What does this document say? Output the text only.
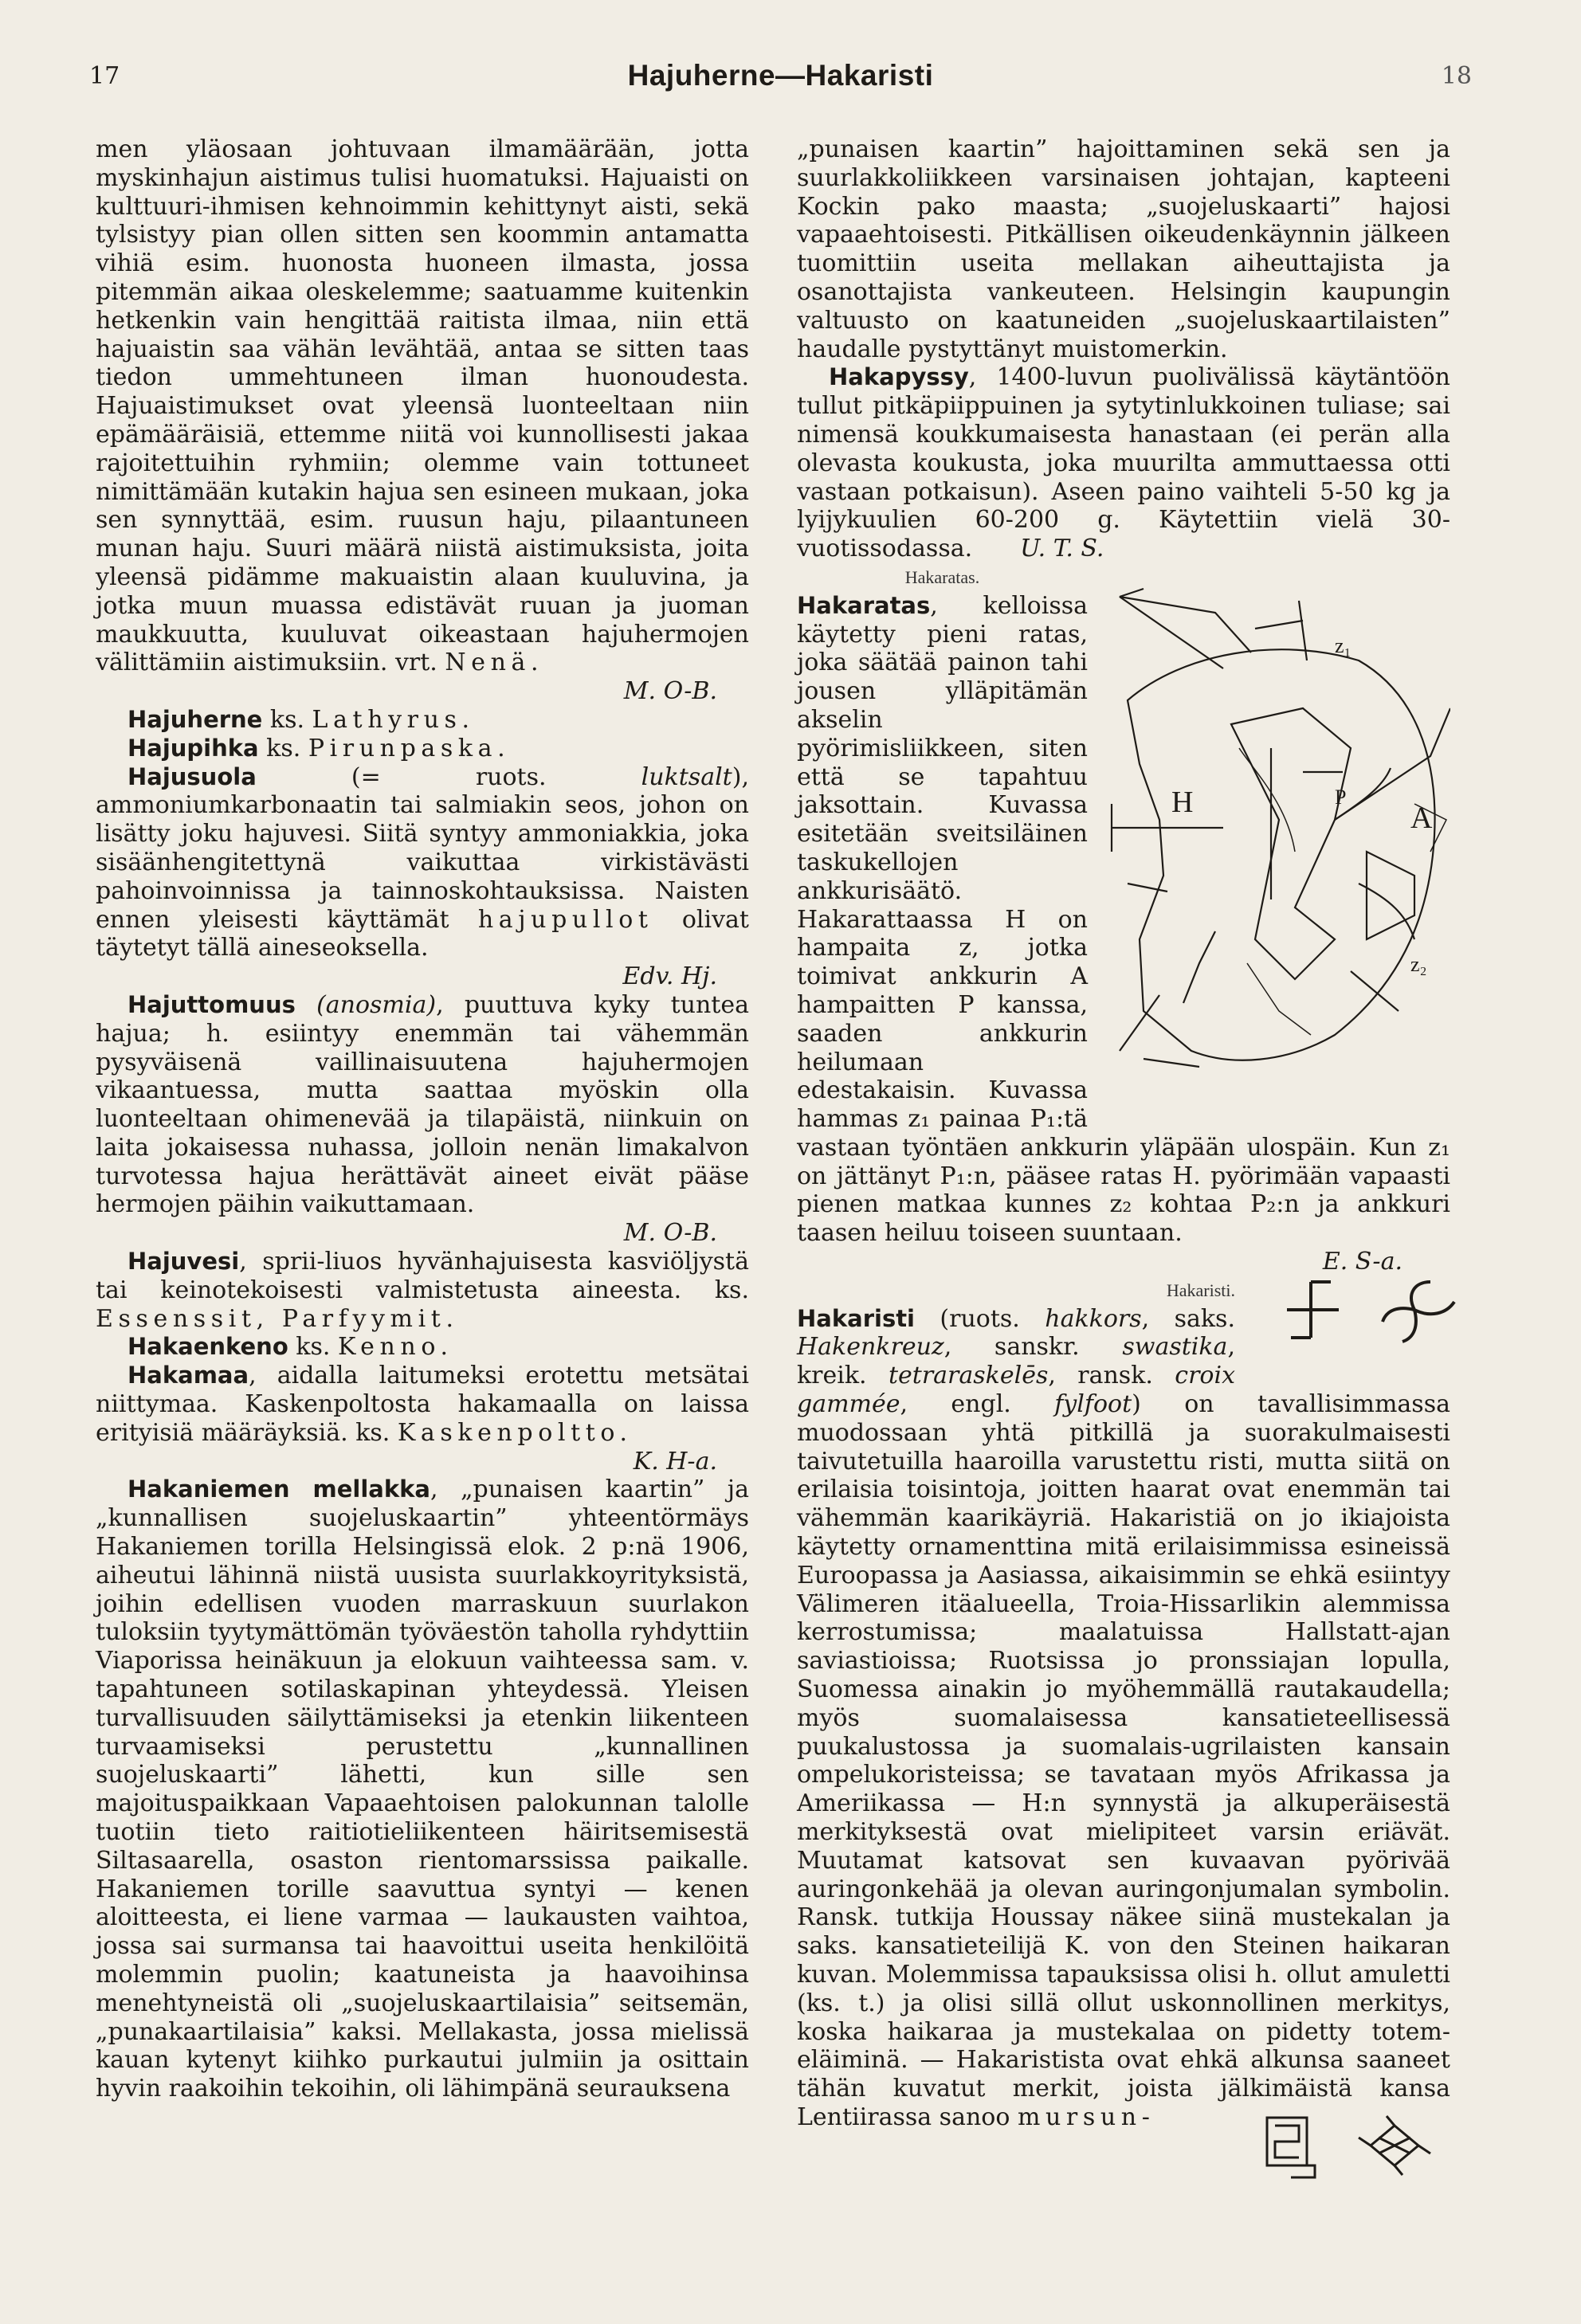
17	Hajuherne—Hakaristi	18

men yläosaan johtuvaan ilmamäärään, jotta myskinhajun aistimus tulisi huomatuksi. Hajuaisti on kulttuuri-ihmisen kehnoimmin kehittynyt aisti, sekä tylsistyy pian ollen sitten sen koommin antamatta vihiä esim. huonosta huoneen ilmasta, jossa pitemmän aikaa oleskelemme; saatuamme kuitenkin hetkenkin vain hengittää raitista ilmaa, niin että hajuaistin saa vähän levähtää, antaa se sitten taas tiedon ummehtuneen ilman huonoudesta. Hajuaistimukset ovat yleensä luonteeltaan niin epämääräisiä, ettemme niitä voi kunnollisesti jakaa rajoitettuihin ryhmiin; olemme vain tottuneet nimittämään kutakin hajua sen esineen mukaan, joka sen synnyttää, esim. ruusun haju, pilaantuneen munan haju. Suuri määrä niistä aistimuksista, joita yleensä pidämme makuaistin alaan kuuluvina, ja jotka muun muassa edistävät ruuan ja juoman maukkuutta, kuuluvat oikeastaan hajuhermojen välittämiin aistimuksiin. vrt. Nenä.

M. O-B.

Hajuherne ks. Lathyrus.

Hajupihka ks. Pirunpaska.

Hajusuola (= ruots. luktsalt), ammoniumkarbonaatin tai salmiakin seos, johon on lisätty joku hajuvesi. Siitä syntyy ammoniakkia, joka sisäänhengitettynä vaikuttaa virkistävästi pahoinvoinnissa ja tainnoskohtauksissa. Naisten ennen yleisesti käyttämät hajupullot olivat täytetyt tällä aineseoksella.

Edv. Hj.

Hajuttomuus (anosmia), puuttuva kyky tuntea hajua; h. esiintyy enemmän tai vähemmän pysyväisenä vaillinaisuutena hajuhermojen vikaantuessa, mutta saattaa myöskin olla luonteeltaan ohimenevää ja tilapäistä, niinkuin on laita jokaisessa nuhassa, jolloin nenän limakalvon turvotessa hajua herättävät aineet eivät pääse hermojen päihin vaikuttamaan.

M. O-B.

Hajuvesi, sprii-liuos hyvänhajuisesta kasviöljystä tai keinotekoisesti valmistetusta aineesta. ks. Essenssit, Parfyymit.

Hakaenkeno ks. Kenno.

Hakamaa, aidalla laitumeksi erotettu metsätai niittymaa. Kaskenpoltosta hakamaalla on laissa erityisiä määräyksiä. ks. Kaskenpoltto.

K. H-a.

Hakaniemen mellakka, „punaisen kaartin” ja „kunnallisen suojeluskaartin” yhteentörmäys Hakaniemen torilla Helsingissä elok. 2 p:nä 1906, aiheutui lähinnä niistä uusista suurlakkoyrityksistä, joihin edellisen vuoden marraskuun suurlakon tuloksiin tyytymättömän työväestön taholla ryhdyttiin Viaporissa heinäkuun ja elokuun vaihteessa sam. v. tapahtuneen sotilaskapinan yhteydessä. Yleisen turvallisuuden säilyttämiseksi ja etenkin liikenteen turvaamiseksi perustettu „kunnallinen suojeluskaarti” lähetti, kun sille sen majoituspaikkaan Vapaaehtoisen palokunnan talolle tuotiin tieto raitiotieliikenteen häiritsemisestä Siltasaarella, osaston rientomarssissa paikalle. Hakaniemen torille saavuttua syntyi — kenen aloitteesta, ei liene varmaa — laukausten vaihtoa, jossa sai surmansa tai haavoittui useita henkilöitä molemmin puolin; kaatuneista ja haavoihinsa menehtyneistä oli „suojeluskaartilaisia” seitsemän, „punakaartilaisia” kaksi. Mellakasta, jossa mielissä kauan kytenyt kiihko purkautui julmiin ja osittain hyvin raakoihin tekoihin, oli lähimpänä seurauksena

„punaisen kaartin” hajoittaminen sekä sen ja suurlakkoliikkeen varsinaisen johtajan, kapteeni Kockin pako maasta; „suojeluskaarti” hajosi vapaaehtoisesti. Pitkällisen oikeudenkäynnin jälkeen tuomittiin useita mellakan aiheuttajista ja osanottajista vankeuteen. Helsingin kaupungin valtuusto on kaatuneiden „suojeluskaartilaisten” haudalle pystyttänyt muistomerkin.

Hakapyssy, 1400-luvun puolivälissä käytäntöön tullut pitkäpiippuinen ja sytytinlukkoinen tuliase; sai nimensä koukkumaisesta hanastaan (ei perän alla olevasta koukusta, joka muurilta ammuttaessa otti vastaan potkaisun). Aseen paino vaihteli 5-50 kg ja lyijykuulien 60-200 g. Käytettiin vielä 30-vuotissodassa. U. T. S.

H	A
P
z₁
z₂

Hakaratas.
Hakaratas, kelloissa käytetty pieni ratas, joka säätää painon tahi jousen ylläpitämän akselin pyörimisliikkeen, siten että se tapahtuu jaksottain. Kuvassa esitetään sveitsiläinen taskukellojen ankkurisäätö. Hakarattaassa H on hampaita z, jotka toimivat ankkurin A hampaitten P kanssa, saaden ankkurin heilumaan edestakaisin. Kuvassa hammas z₁ painaa P₁:tä vastaan työntäen ankkurin yläpään ulospäin. Kun z₁ on jättänyt P₁:n, pääsee ratas H. pyörimään vapaasti pienen matkaa kunnes z₂ kohtaa P₂:n ja ankkuri taasen heiluu toiseen suuntaan.

E. S-a.

Hakaristi.
Hakaristi (ruots. hakkors, saks. Hakenkreuz, sanskr. swastika, kreik. tetraraskelēs, ransk. croix gammée, engl. fylfoot) on tavallisimmassa muodossaan yhtä pitkillä ja suorakulmaisesti taivutetuilla haaroilla varustettu risti, mutta siitä on erilaisia toisintoja, joitten haarat ovat enemmän tai vähemmän kaarikäyriä. Hakaristiä on jo ikiajoista käytetty ornamenttina mitä erilaisimmissa esineissä Euroopassa ja Aasiassa, aikaisimmin se ehkä esiintyy Välimeren itäalueella, Troia-Hissarlikin alemmissa kerrostumissa; maalatuissa Hallstatt-ajan saviastioissa; Ruotsissa jo pronssiajan lopulla, Suomessa ainakin jo myöhemmällä rautakaudella; myös suomalaisessa kansatieteellisessä puukalustossa ja suomalais-ugrilaisten kansain ompelukoristeissa; se tavataan myös Afrikassa ja Ameriikassa — H:n synnystä ja alkuperäisestä merkityksestä ovat mielipiteet varsin eriävät. Muutamat katsovat sen kuvaavan pyörivää auringonkehää ja olevan auringonjumalan symbolin. Ransk. tutkija Houssay näkee siinä mustekalan ja saks. kansatieteilijä K. von den Steinen haikaran kuvan. Molemmissa tapauksissa olisi h. ollut amuletti (ks. t.) ja olisi sillä ollut uskonnollinen merkitys, koska haikaraa ja mustekalaa on pidetty totem-eläiminä. — Hakaristista ovat ehkä alkunsa saaneet tähän kuvatut merkit, joista jälkimäistä kansa Lentiirassa sanoo
mursun-
